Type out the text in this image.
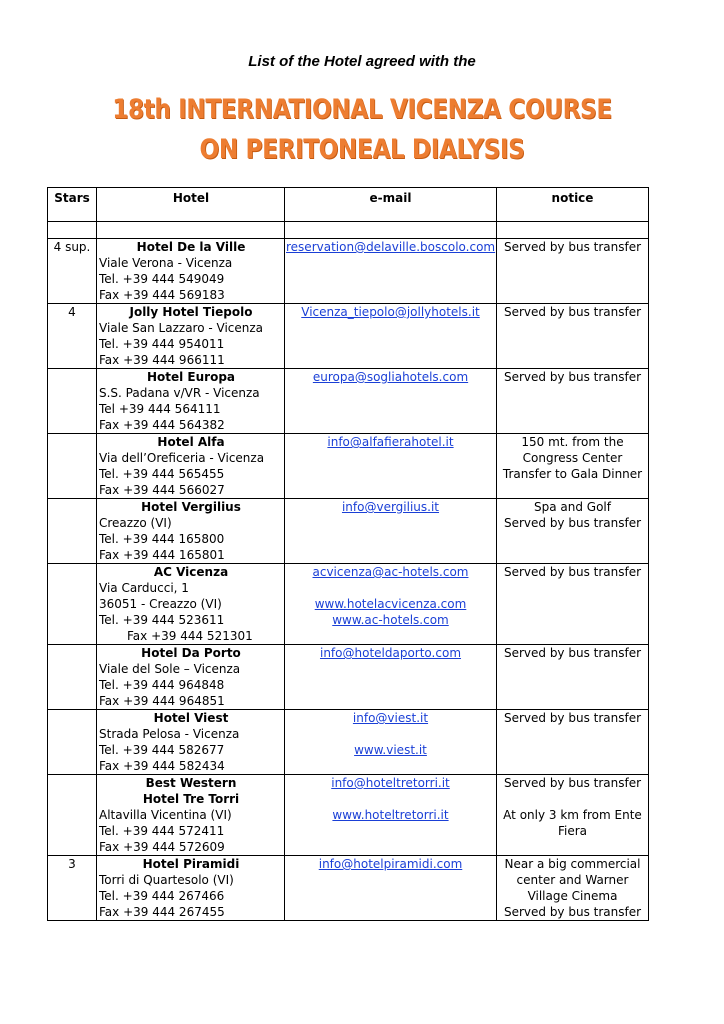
List of the Hotel agreed with the
18th INTERNATIONAL VICENZA COURSE
ON PERITONEAL DIALYSIS
Stars	Hotel	e-mail	notice

4 sup.	Hotel De la Ville
Viale Verona - Vicenza
Tel. +39 444 549049
Fax +39 444 569183	reservation@delaville.boscolo.com	Served by bus transfer

4	Jolly Hotel Tiepolo
Viale San Lazzaro - Vicenza
Tel. +39 444 954011
Fax +39 444 966111	Vicenza_tiepolo@jollyhotels.it	Served by bus transfer

	Hotel Europa
S.S. Padana v/VR - Vicenza
Tel +39 444 564111
Fax +39 444 564382	europa@sogliahotels.com	Served by bus transfer

	Hotel Alfa
Via dell’Oreficeria - Vicenza
Tel. +39 444 565455
Fax +39 444 566027	info@alfafierahotel.it	150 mt. from the
Congress Center
Transfer to Gala Dinner

	Hotel Vergilius
Creazzo (VI)
Tel. +39 444 165800
Fax +39 444 165801	info@vergilius.it	Spa and Golf
Served by bus transfer

	AC Vicenza
Via Carducci, 1
36051 - Creazzo (VI)
Tel. +39 444 523611
Fax +39 444 521301	acvicenza@ac-hotels.com
www.hotelacvicenza.com
www.ac-hotels.com	Served by bus transfer

	Hotel Da Porto
Viale del Sole – Vicenza
Tel. +39 444 964848
Fax +39 444 964851	info@hoteldaporto.com	Served by bus transfer

	Hotel Viest
Strada Pelosa - Vicenza
Tel. +39 444 582677
Fax +39 444 582434	info@viest.it
www.viest.it	Served by bus transfer

	Best Western
Hotel Tre Torri
Altavilla Vicentina (VI)
Tel. +39 444 572411
Fax +39 444 572609	info@hoteltretorri.it
www.hoteltretorri.it	Served by bus transfer
At only 3 km from Ente
Fiera

3	Hotel Piramidi
Torri di Quartesolo (VI)
Tel. +39 444 267466
Fax +39 444 267455	info@hotelpiramidi.com	Near a big commercial
center and Warner
Village Cinema
Served by bus transfer
